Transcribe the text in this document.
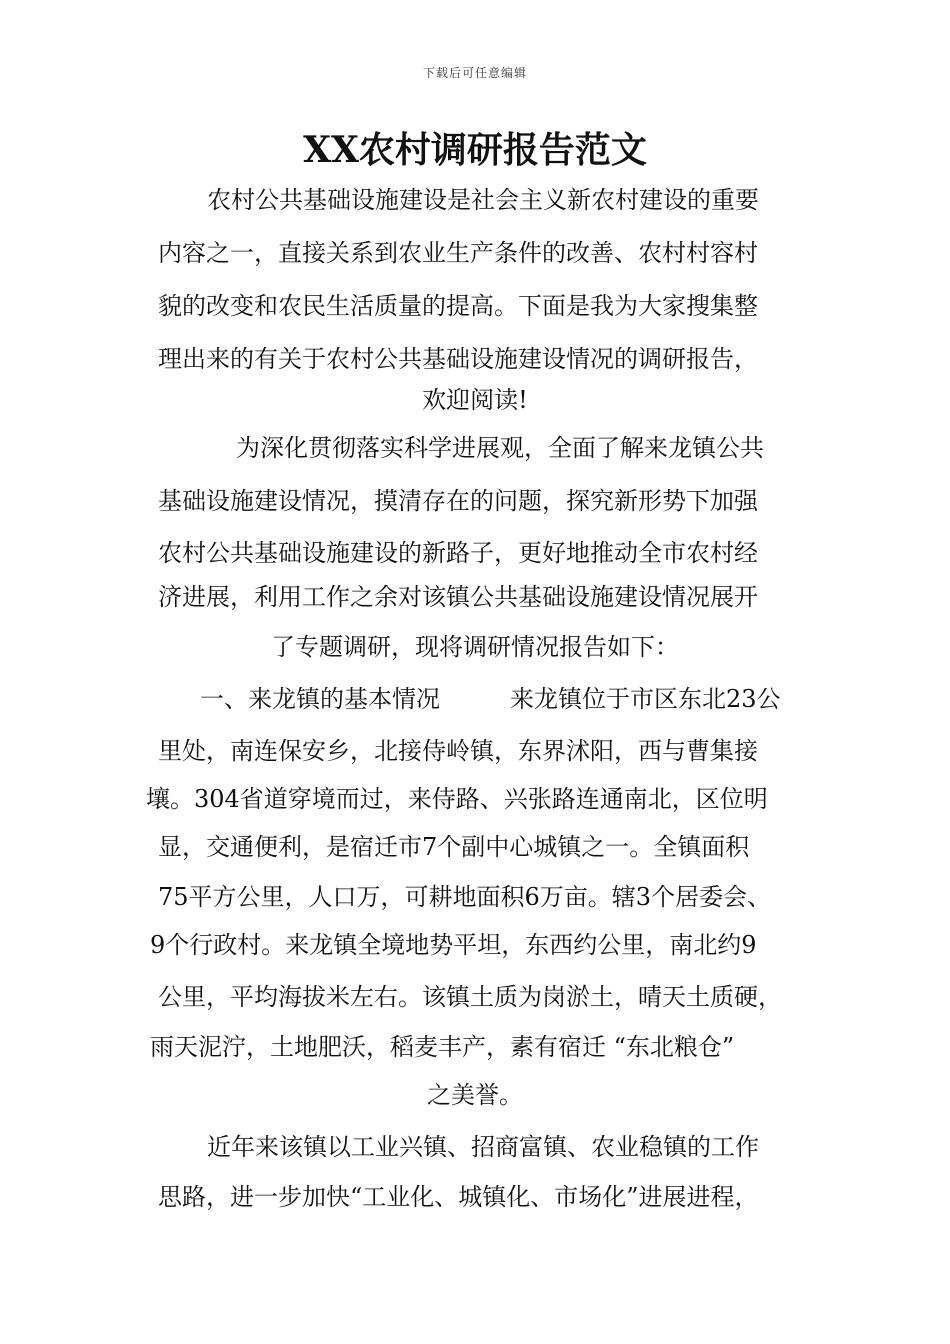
下载后可任意编辑
XX农村调研报告范文
农村公共基础设施建设是社会主义新农村建设的重要
内容之一，直接关系到农业生产条件的改善、农村村容村
貌的改变和农民生活质量的提高。下面是我为大家搜集整
理出来的有关于农村公共基础设施建设情况的调研报告，
欢迎阅读!
为深化贯彻落实科学进展观，全面了解来龙镇公共
基础设施建设情况，摸清存在的问题，探究新形势下加强
农村公共基础设施建设的新路子，更好地推动全市农村经
济进展，利用工作之余对该镇公共基础设施建设情况展开
了专题调研，现将调研情况报告如下：
一、来龙镇的基本情况	来龙镇位于市区东北23公
里处，南连保安乡，北接侍岭镇，东界沭阳，西与曹集接
壤。304省道穿境而过，来侍路、兴张路连通南北，区位明
显，交通便利，是宿迁市7个副中心城镇之一。全镇面积
75平方公里，人口万，可耕地面积6万亩。辖3个居委会、
9个行政村。来龙镇全境地势平坦，东西约公里，南北约9
公里，平均海拔米左右。该镇土质为岗淤土，晴天土质硬，
雨天泥泞，土地肥沃，稻麦丰产，素有宿迁 “东北粮仓”
之美誉。
近年来该镇以工业兴镇、招商富镇、农业稳镇的工作
思路，进一步加快“工业化、城镇化、市场化”进展进程，
